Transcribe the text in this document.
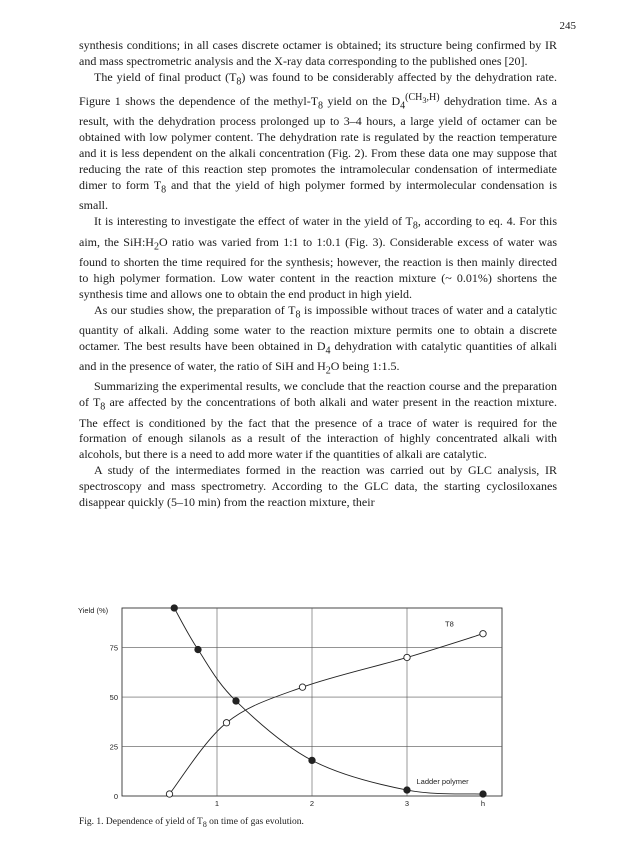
245

synthesis conditions; in all cases discrete octamer is obtained; its structure being confirmed by IR and mass spectrometric analysis and the X-ray data corresponding to the published ones [20].

The yield of final product $(T_8)$ was found to be considerably affected by the dehydration rate. Figure 1 shows the dependence of the methyl-$T_8$ yield on the $D_4^{(CH_3,H)}$ dehydration time. As a result, with the dehydration process prolonged up to 3–4 hours, a large yield of octamer can be obtained with low polymer content. The dehydration rate is regulated by the reaction temperature and it is less dependent on the alkali concentration (Fig. 2). From these data one may suppose that reducing the rate of this reaction step promotes the intramolecular condensation of intermediate dimer to form $T_8$ and that the yield of high polymer formed by intermolecular condensation is small.

It is interesting to investigate the effect of water in the yield of $T_8$, according to eq. 4. For this aim, the $SiH:H_2O$ ratio was varied from 1:1 to 1:0.1 (Fig. 3). Considerable excess of water was found to shorten the time required for the synthesis; however, the reaction is then mainly directed to high polymer formation. Low water content in the reaction mixture (~ 0.01%) shortens the synthesis time and allows one to obtain the end product in high yield.

As our studies show, the preparation of $T_8$ is impossible without traces of water and a catalytic quantity of alkali. Adding some water to the reaction mixture permits one to obtain a discrete octamer. The best results have been obtained in $D_4$ dehydration with catalytic quantities of alkali and in the presence of water, the ratio of SiH and $H_2O$ being 1:1.5.

Summarizing the experimental results, we conclude that the reaction course and the preparation of $T_8$ are affected by the concentrations of both alkali and water present in the reaction mixture. The effect is conditioned by the fact that the presence of a trace of water is required for the formation of enough silanols as a result of the interaction of highly concentrated alkali with alcohols, but there is a need to add more water if the quantities of alkali are catalytic.

A study of the intermediates formed in the reaction was carried out by GLC analysis, IR spectroscopy and mass spectrometry. According to the GLC data, the starting cyclosiloxanes disappear quickly (5–10 min) from the reaction mixture, their

Yield (%)
75
50
25
0
1	2	3	h
T8
Ladder polymer
Fig. 1. Dependence of yield of $T_8$ on time of gas evolution.
